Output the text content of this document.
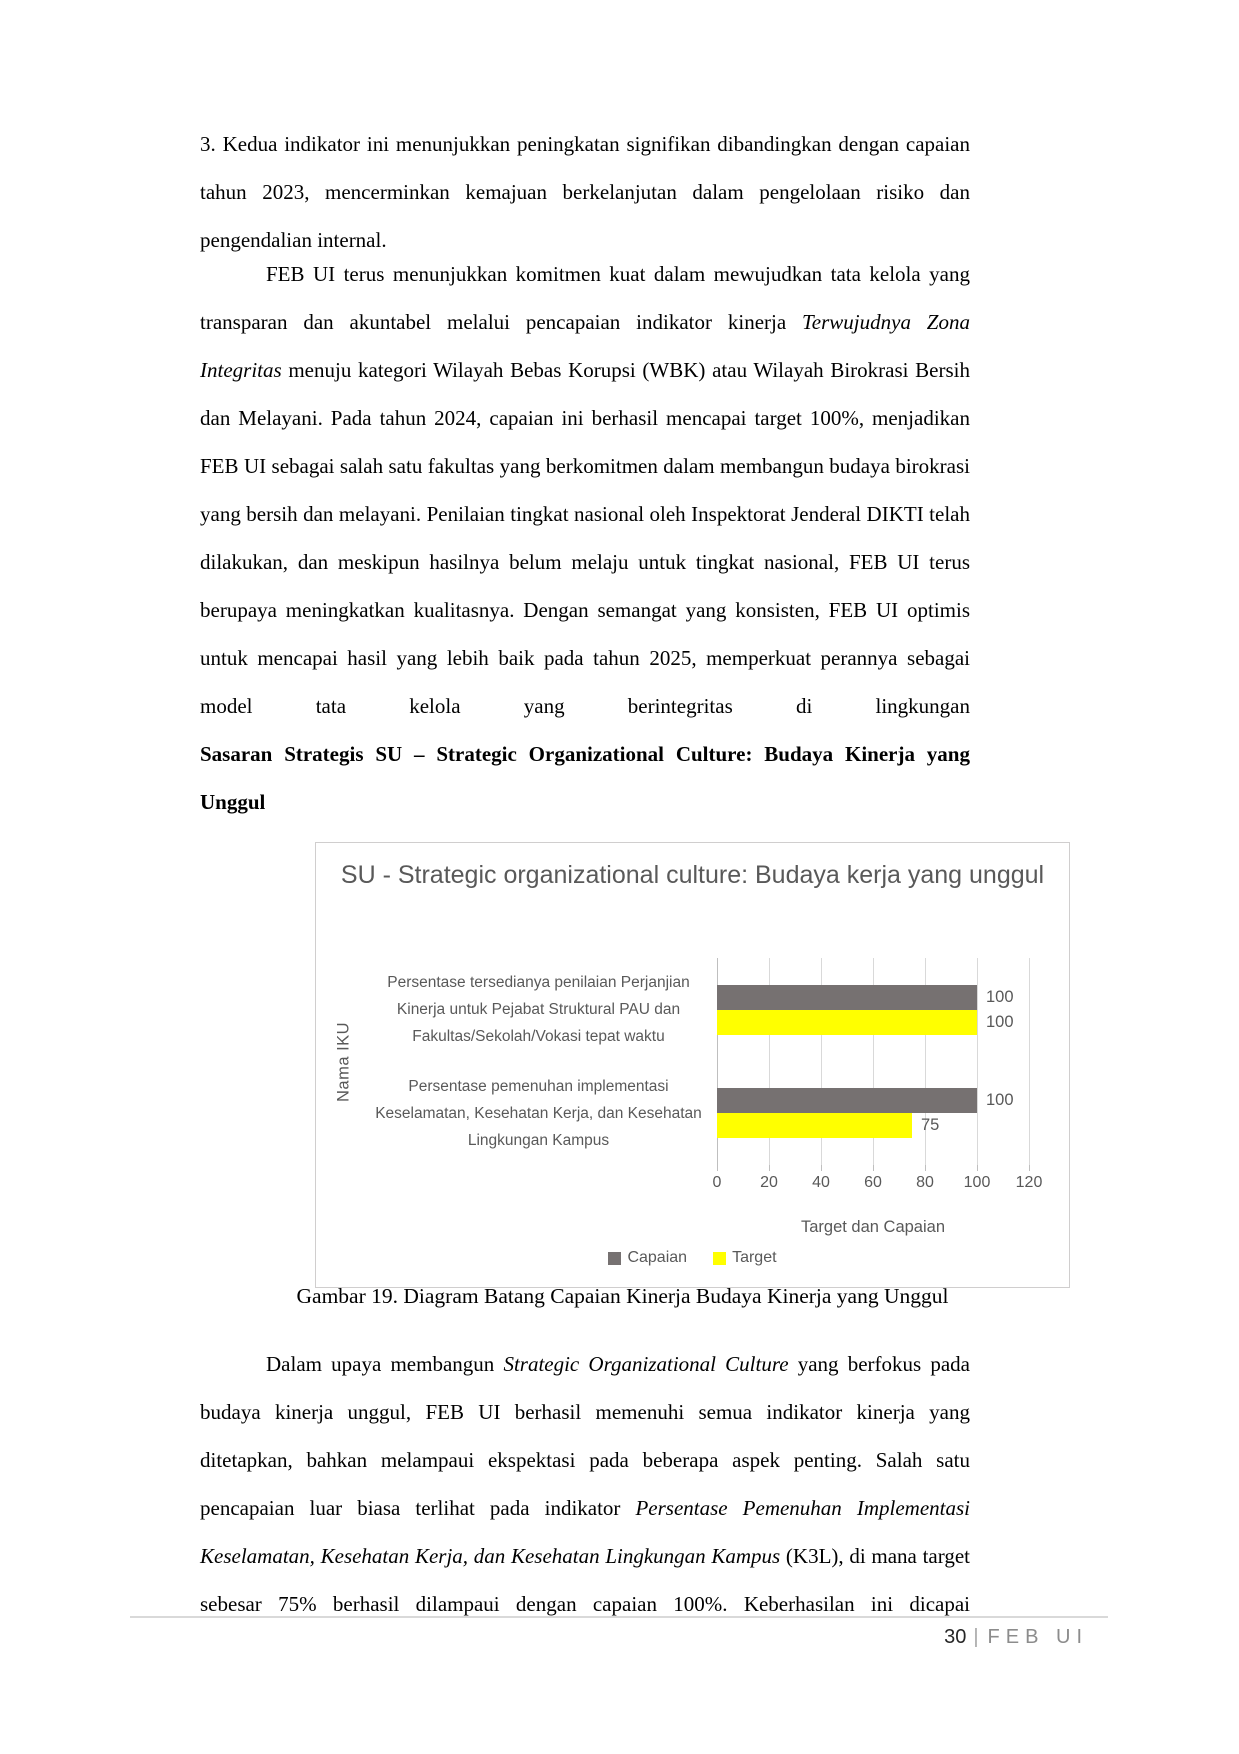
3. Kedua indikator ini menunjukkan peningkatan signifikan dibandingkan dengan capaian tahun 2023, mencerminkan kemajuan berkelanjutan dalam pengelolaan risiko dan pengendalian internal.

FEB UI terus menunjukkan komitmen kuat dalam mewujudkan tata kelola yang transparan dan akuntabel melalui pencapaian indikator kinerja Terwujudnya Zona Integritas menuju kategori Wilayah Bebas Korupsi (WBK) atau Wilayah Birokrasi Bersih dan Melayani. Pada tahun 2024, capaian ini berhasil mencapai target 100%, menjadikan FEB UI sebagai salah satu fakultas yang berkomitmen dalam membangun budaya birokrasi yang bersih dan melayani. Penilaian tingkat nasional oleh Inspektorat Jenderal DIKTI telah dilakukan, dan meskipun hasilnya belum melaju untuk tingkat nasional, FEB UI terus berupaya meningkatkan kualitasnya. Dengan semangat yang konsisten, FEB UI optimis untuk mencapai hasil yang lebih baik pada tahun 2025, memperkuat perannya sebagai model tata kelola yang berintegritas di lingkungan

Sasaran Strategis SU – Strategic Organizational Culture: Budaya Kinerja yang Unggul

SU - Strategic organizational culture: Budaya kerja yang unggul
Nama IKU
0	20	40	60	80	100	120
Persentase tersedianya penilaian Perjanjian Kinerja untuk Pejabat Struktural PAU dan Fakultas/Sekolah/Vokasi tepat waktu
100
100
Persentase pemenuhan implementasi Keselamatan, Kesehatan Kerja, dan Kesehatan Lingkungan Kampus
100
75
Target dan Capaian
Capaian	Target

Gambar 19. Diagram Batang Capaian Kinerja Budaya Kinerja yang Unggul

Dalam upaya membangun Strategic Organizational Culture yang berfokus pada budaya kinerja unggul, FEB UI berhasil memenuhi semua indikator kinerja yang ditetapkan, bahkan melampaui ekspektasi pada beberapa aspek penting. Salah satu pencapaian luar biasa terlihat pada indikator Persentase Pemenuhan Implementasi Keselamatan, Kesehatan Kerja, dan Kesehatan Lingkungan Kampus (K3L), di mana target sebesar 75% berhasil dilampaui dengan capaian 100%. Keberhasilan ini dicapai

30 | FEB UI
